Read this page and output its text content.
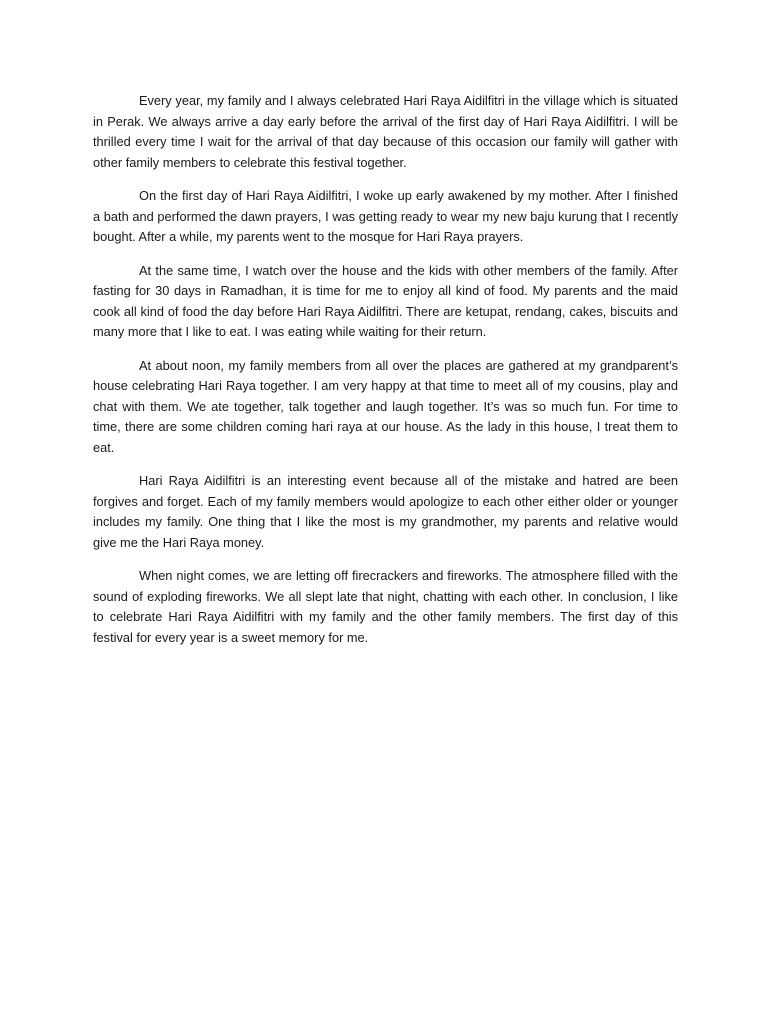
Every year, my family and I always celebrated Hari Raya Aidilfitri in the village which is situated in Perak. We always arrive a day early before the arrival of the first day of Hari Raya Aidilfitri. I will be thrilled every time I wait for the arrival of that day because of this occasion our family will gather with other family members to celebrate this festival together.

On the first day of Hari Raya Aidilfitri, I woke up early awakened by my mother. After I finished a bath and performed the dawn prayers, I was getting ready to wear my new baju kurung that I recently bought. After a while, my parents went to the mosque for Hari Raya prayers.

At the same time, I watch over the house and the kids with other members of the family. After fasting for 30 days in Ramadhan, it is time for me to enjoy all kind of food. My parents and the maid cook all kind of food the day before Hari Raya Aidilfitri. There are ketupat, rendang, cakes, biscuits and many more that I like to eat. I was eating while waiting for their return.

At about noon, my family members from all over the places are gathered at my grandparent’s house celebrating Hari Raya together. I am very happy at that time to meet all of my cousins, play and chat with them. We ate together, talk together and laugh together. It’s was so much fun. For time to time, there are some children coming hari raya at our house. As the lady in this house, I treat them to eat.

Hari Raya Aidilfitri is an interesting event because all of the mistake and hatred are been forgives and forget. Each of my family members would apologize to each other either older or younger includes my family. One thing that I like the most is my grandmother, my parents and relative would give me the Hari Raya money.

When night comes, we are letting off firecrackers and fireworks. The atmosphere filled with the sound of exploding fireworks. We all slept late that night, chatting with each other. In conclusion, I like to celebrate Hari Raya Aidilfitri with my family and the other family members. The first day of this festival for every year is a sweet memory for me.
